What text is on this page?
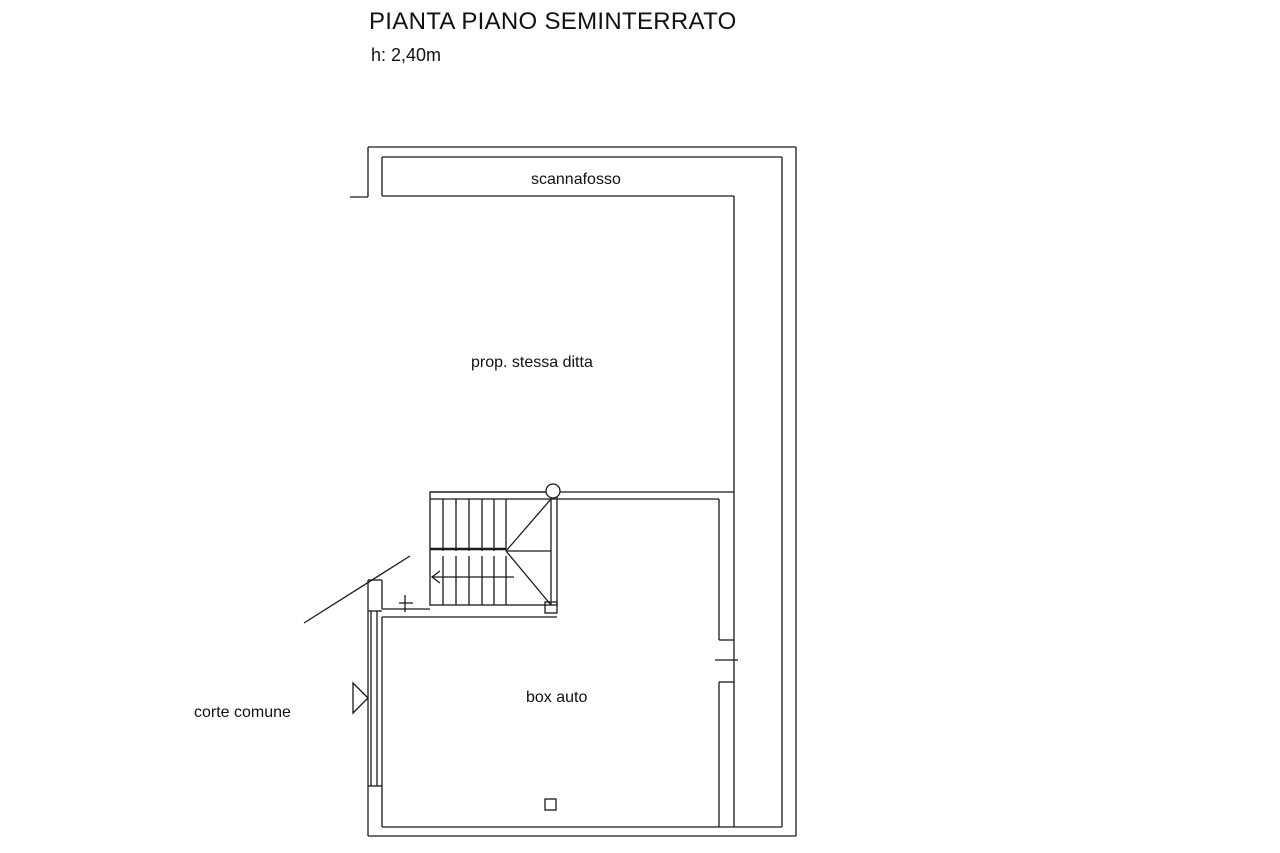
PIANTA PIANO SEMINTERRATO
h: 2,40m
scannafosso
prop. stessa ditta
box auto
corte comune
